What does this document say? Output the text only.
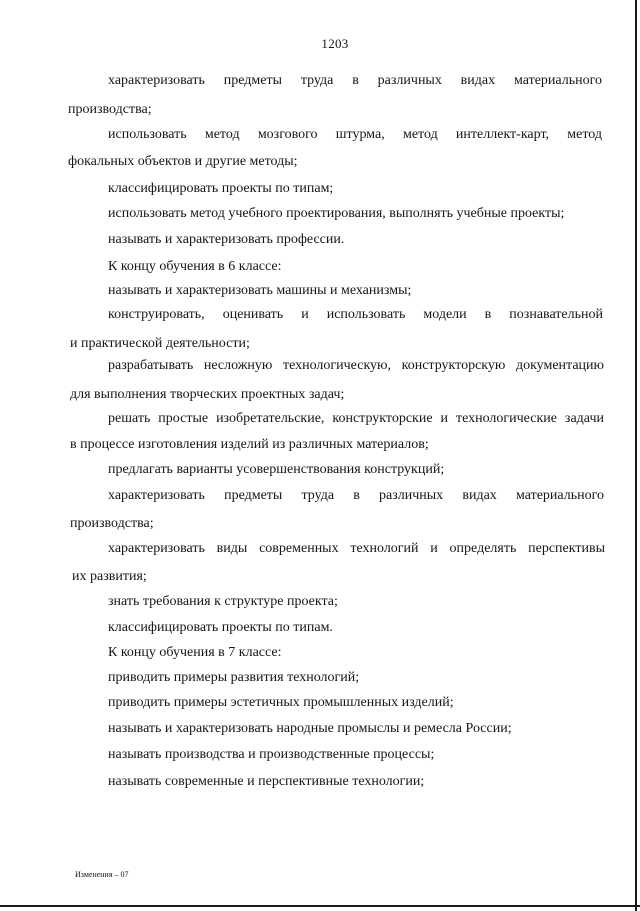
1203
характеризовать предметы труда в различных видах материального
производства;
использовать метод мозгового штурма, метод интеллект-карт, метод
фокальных объектов и другие методы;
классифицировать проекты по типам;
использовать метод учебного проектирования, выполнять учебные проекты;
называть и характеризовать профессии.
К концу обучения в 6 классе:
называть и характеризовать машины и механизмы;
конструировать, оценивать и использовать модели в познавательной
и практической деятельности;
разрабатывать несложную технологическую, конструкторскую документацию
для выполнения творческих проектных задач;
решать простые изобретательские, конструкторские и технологические задачи
в процессе изготовления изделий из различных материалов;
предлагать варианты усовершенствования конструкций;
характеризовать предметы труда в различных видах материального
производства;
характеризовать виды современных технологий и определять перспективы
их развития;
знать требования к структуре проекта;
классифицировать проекты по типам.
К концу обучения в 7 классе:
приводить примеры развития технологий;
приводить примеры эстетичных промышленных изделий;
называть и характеризовать народные промыслы и ремесла России;
называть производства и производственные процессы;
называть современные и перспективные технологии;
Изменения – 07
